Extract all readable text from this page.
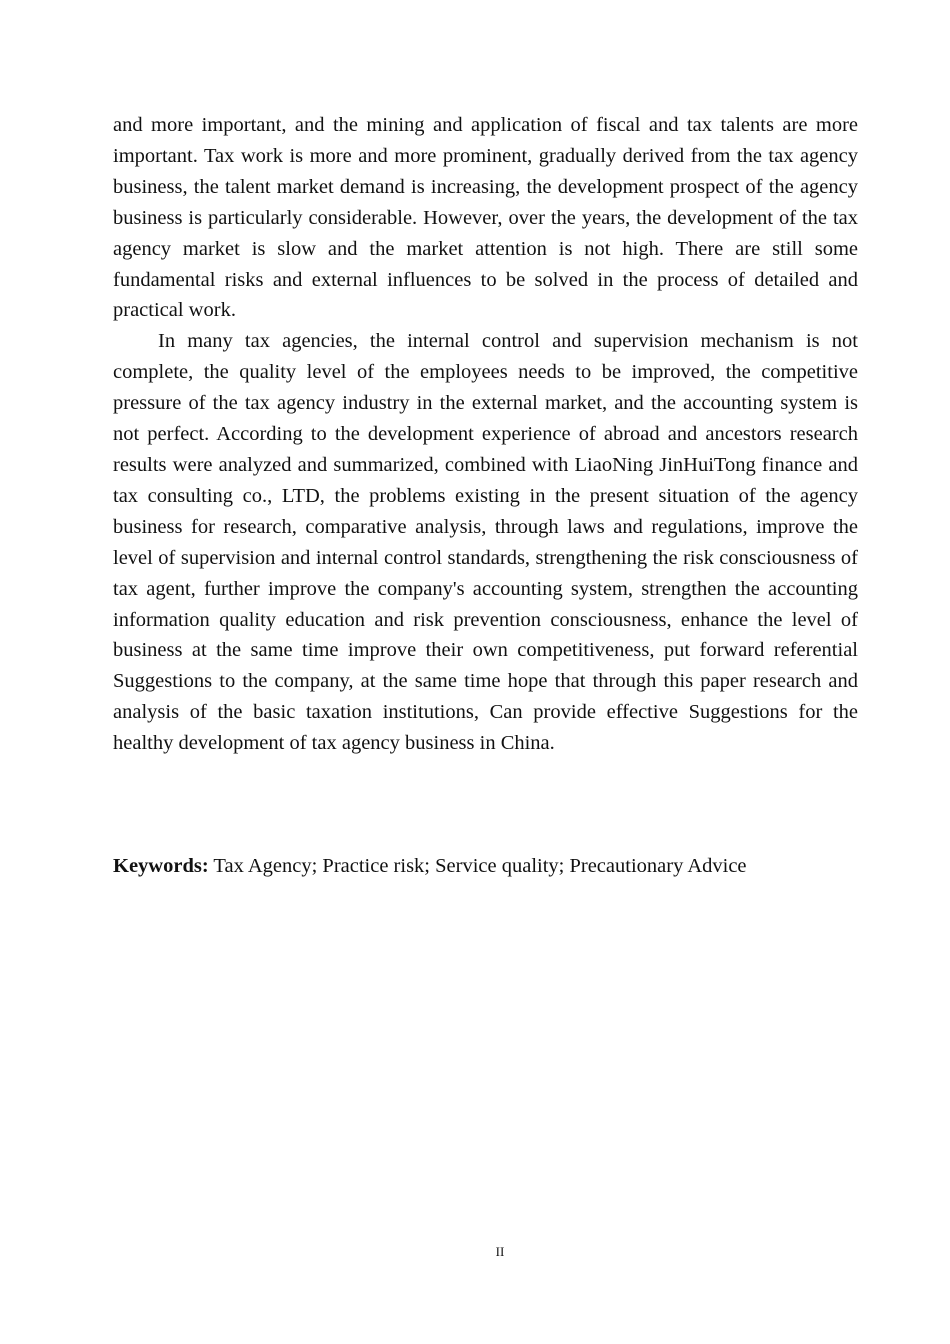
and more important, and the mining and application of fiscal and tax talents are more important. Tax work is more and more prominent, gradually derived from the tax agency business, the talent market demand is increasing, the development prospect of the agency business is particularly considerable. However, over the years, the development of the tax agency market is slow and the market attention is not high. There are still some fundamental risks and external influences to be solved in the process of detailed and practical work.

In many tax agencies, the internal control and supervision mechanism is not complete, the quality level of the employees needs to be improved, the competitive pressure of the tax agency industry in the external market, and the accounting system is not perfect. According to the development experience of abroad and ancestors research results were analyzed and summarized, combined with LiaoNing JinHuiTong finance and tax consulting co., LTD, the problems existing in the present situation of the agency business for research, comparative analysis, through laws and regulations, improve the level of supervision and internal control standards, strengthening the risk consciousness of tax agent, further improve the company's accounting system, strengthen the accounting information quality education and risk prevention consciousness, enhance the level of business at the same time improve their own competitiveness, put forward referential Suggestions to the company, at the same time hope that through this paper research and analysis of the basic taxation institutions, Can provide effective Suggestions for the healthy development of tax agency business in China.

Keywords: Tax Agency; Practice risk; Service quality; Precautionary Advice
II
